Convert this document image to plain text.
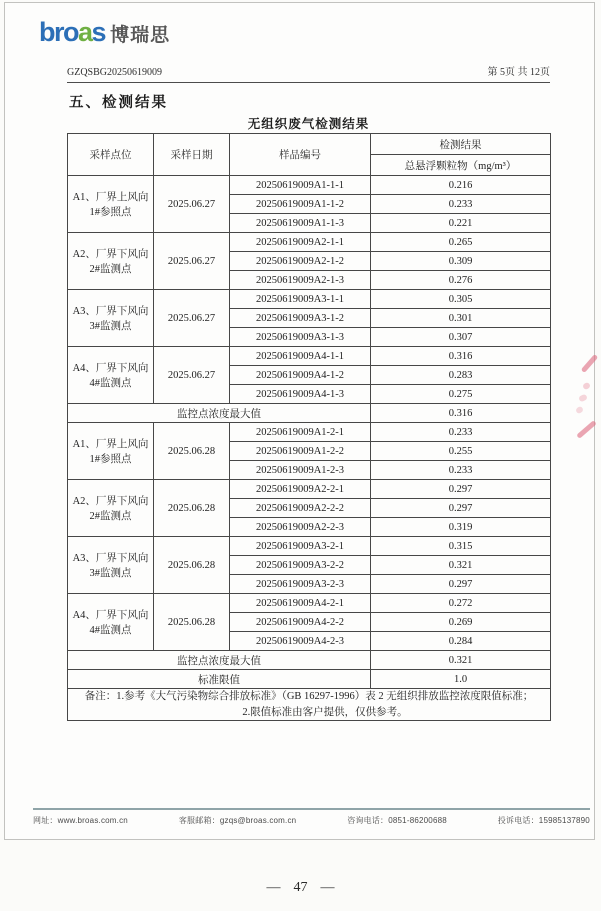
broas 博瑞思
GZQSBG20250619009	第 5页 共 12页
五、检测结果
无组织废气检测结果
采样点位	采样日期	样品编号	检测结果
			总悬浮颗粒物（mg/m³）
A1、厂界上风向
1#参照点	2025.06.27	20250619009A1-1-1	0.216
		20250619009A1-1-2	0.233
		20250619009A1-1-3	0.221
A2、厂界下风向
2#监测点	2025.06.27	20250619009A2-1-1	0.265
		20250619009A2-1-2	0.309
		20250619009A2-1-3	0.276
A3、厂界下风向
3#监测点	2025.06.27	20250619009A3-1-1	0.305
		20250619009A3-1-2	0.301
		20250619009A3-1-3	0.307
A4、厂界下风向
4#监测点	2025.06.27	20250619009A4-1-1	0.316
		20250619009A4-1-2	0.283
		20250619009A4-1-3	0.275
监控点浓度最大值			0.316
A1、厂界上风向
1#参照点	2025.06.28	20250619009A1-2-1	0.233
		20250619009A1-2-2	0.255
		20250619009A1-2-3	0.233
A2、厂界下风向
2#监测点	2025.06.28	20250619009A2-2-1	0.297
		20250619009A2-2-2	0.297
		20250619009A2-2-3	0.319
A3、厂界下风向
3#监测点	2025.06.28	20250619009A3-2-1	0.315
		20250619009A3-2-2	0.321
		20250619009A3-2-3	0.297
A4、厂界下风向
4#监测点	2025.06.28	20250619009A4-2-1	0.272
		20250619009A4-2-2	0.269
		20250619009A4-2-3	0.284
监控点浓度最大值			0.321
标准限值			1.0

备注：1.参考《大气污染物综合排放标准》（GB 16297-1996）表 2 无组织排放监控浓度限值标准；
2.限值标准由客户提供，仅供参考。			
网址：www.broas.com.cn	客服邮箱：gzqs@broas.com.cn	咨询电话：0851-86200688	投诉电话：15985137890
— 47 —
